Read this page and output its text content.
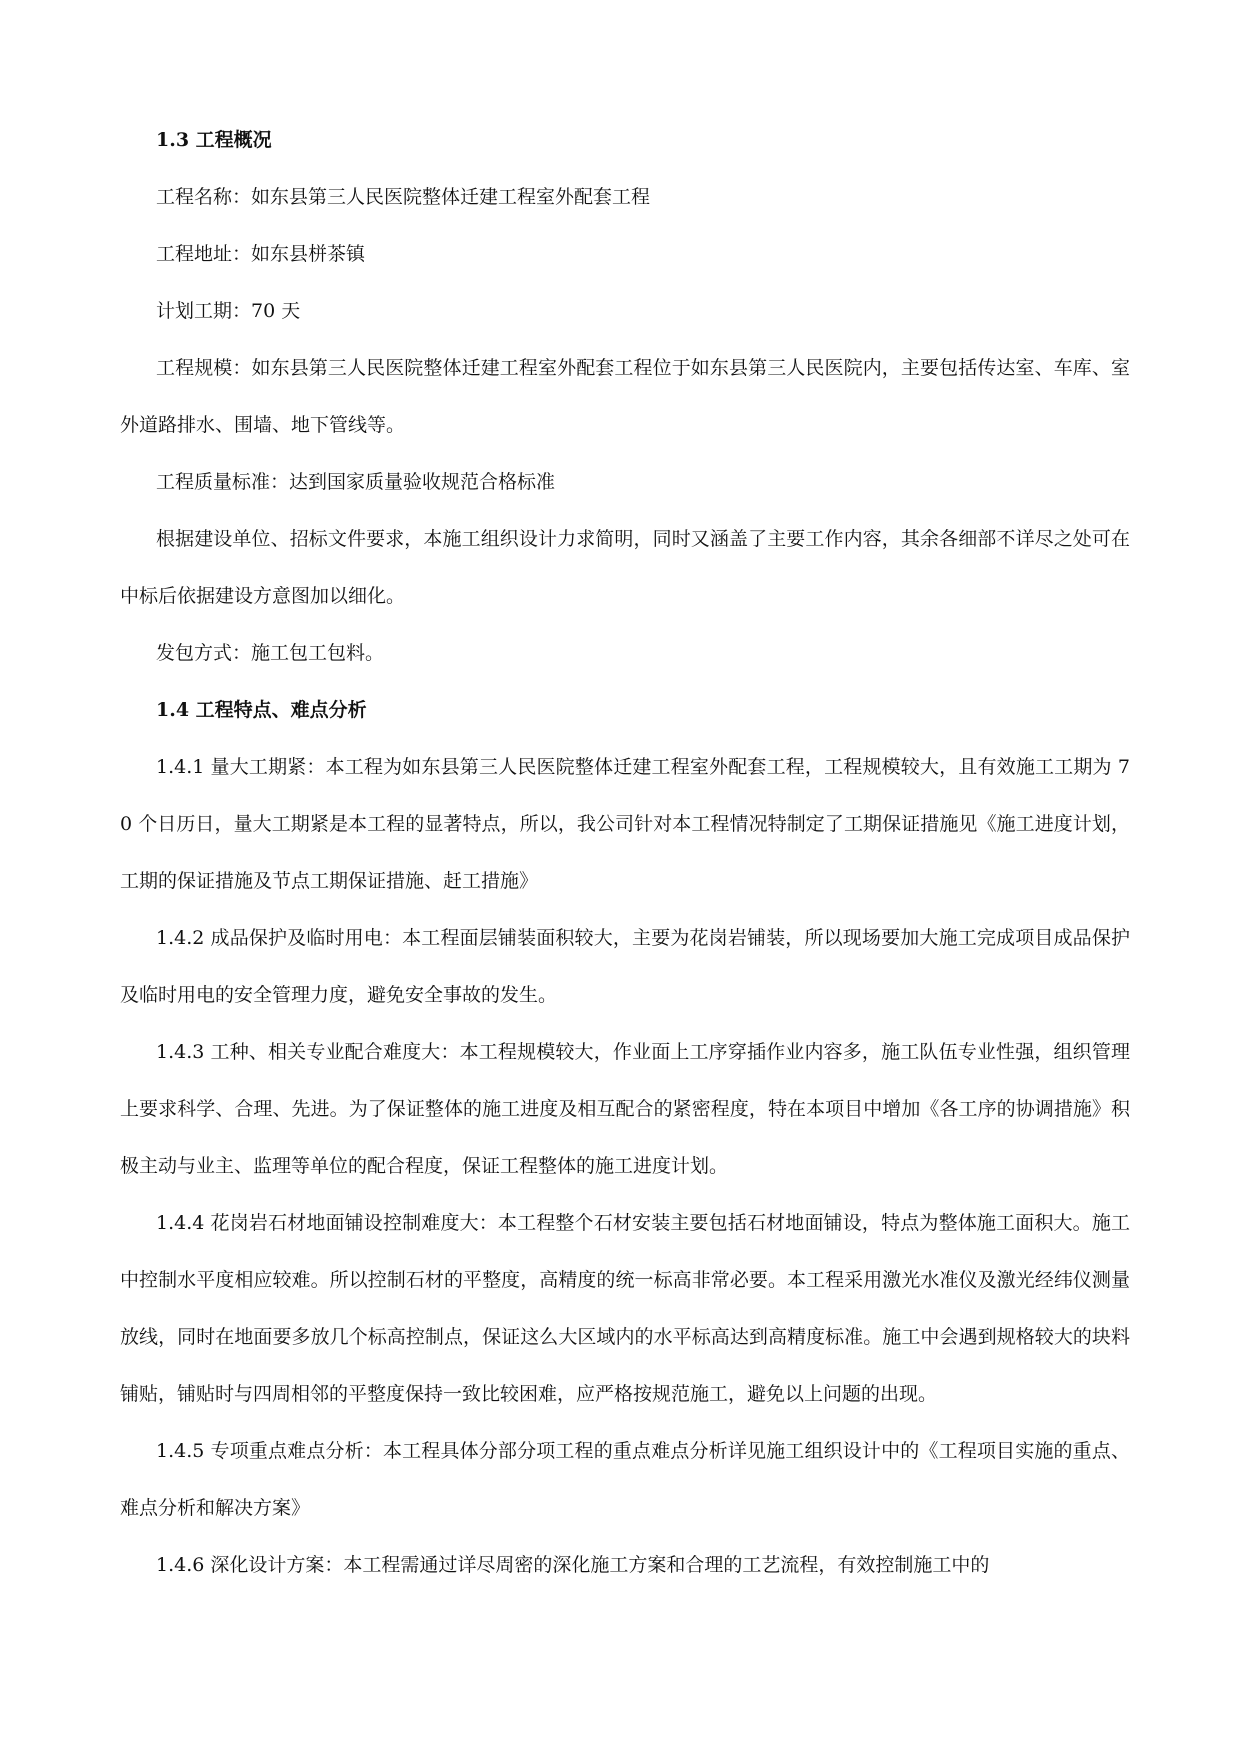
1.3 工程概况
工程名称：如东县第三人民医院整体迁建工程室外配套工程
工程地址：如东县栟茶镇
计划工期：70 天
工程规模：如东县第三人民医院整体迁建工程室外配套工程位于如东县第三人民医院内，主要包括传达室、车库、室外道路排水、围墙、地下管线等。
工程质量标准：达到国家质量验收规范合格标准
根据建设单位、招标文件要求，本施工组织设计力求简明，同时又涵盖了主要工作内容，其余各细部不详尽之处可在中标后依据建设方意图加以细化。
发包方式：施工包工包料。
1.4 工程特点、难点分析
1.4.1 量大工期紧：本工程为如东县第三人民医院整体迁建工程室外配套工程，工程规模较大，且有效施工工期为 70 个日历日，量大工期紧是本工程的显著特点，所以，我公司针对本工程情况特制定了工期保证措施见《施工进度计划，工期的保证措施及节点工期保证措施、赶工措施》
1.4.2 成品保护及临时用电：本工程面层铺装面积较大，主要为花岗岩铺装，所以现场要加大施工完成项目成品保护及临时用电的安全管理力度，避免安全事故的发生。
1.4.3 工种、相关专业配合难度大：本工程规模较大，作业面上工序穿插作业内容多，施工队伍专业性强，组织管理上要求科学、合理、先进。为了保证整体的施工进度及相互配合的紧密程度，特在本项目中增加《各工序的协调措施》积极主动与业主、监理等单位的配合程度，保证工程整体的施工进度计划。
1.4.4 花岗岩石材地面铺设控制难度大：本工程整个石材安装主要包括石材地面铺设，特点为整体施工面积大。施工中控制水平度相应较难。所以控制石材的平整度，高精度的统一标高非常必要。本工程采用激光水准仪及激光经纬仪测量放线，同时在地面要多放几个标高控制点，保证这么大区域内的水平标高达到高精度标准。施工中会遇到规格较大的块料铺贴，铺贴时与四周相邻的平整度保持一致比较困难，应严格按规范施工，避免以上问题的出现。
1.4.5 专项重点难点分析：本工程具体分部分项工程的重点难点分析详见施工组织设计中的《工程项目实施的重点、难点分析和解决方案》
1.4.6 深化设计方案：本工程需通过详尽周密的深化施工方案和合理的工艺流程，有效控制施工中的
